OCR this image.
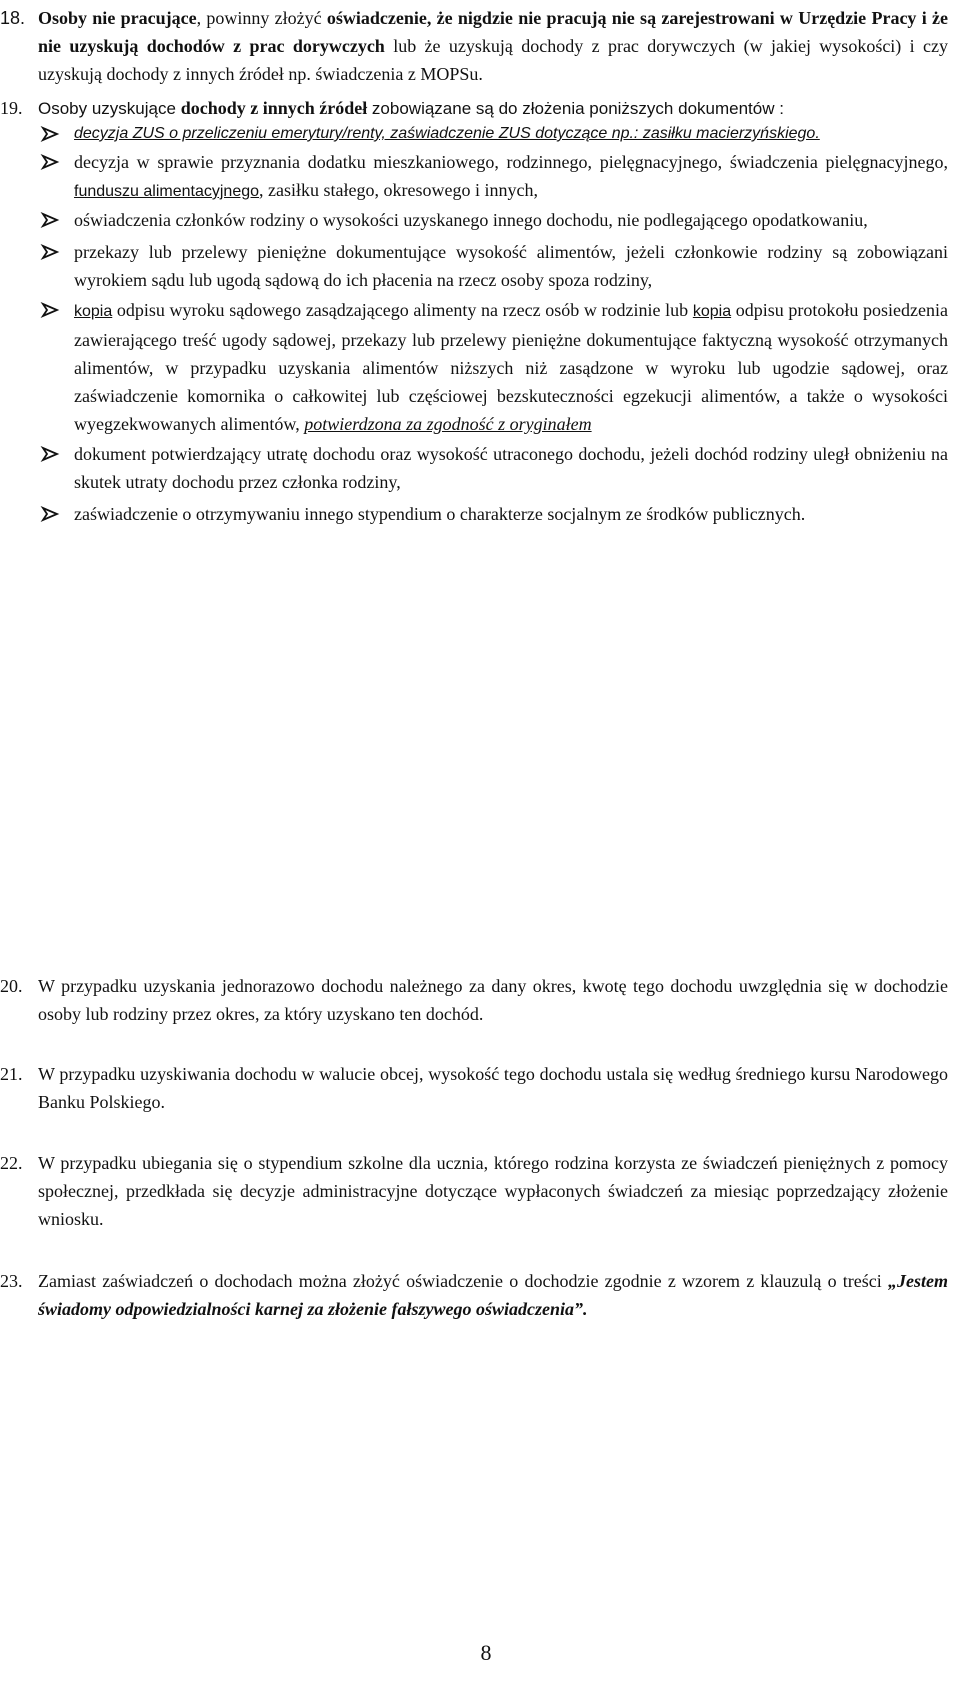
18. Osoby nie pracujące, powinny złożyć oświadczenie, że nigdzie nie pracują nie są zarejestrowani w Urzędzie Pracy i że nie uzyskują dochodów z prac dorywczych lub że uzyskują dochody z prac dorywczych (w jakiej wysokości) i czy uzyskują dochody z innych źródeł np. świadczenia z MOPSu.
19. Osoby uzyskujące dochody z innych źródeł zobowiązane są do złożenia poniższych dokumentów :
decyzja ZUS o przeliczeniu emerytury/renty, zaświadczenie ZUS dotyczące np.: zasiłku macierzyńskiego.
decyzja w sprawie przyznania dodatku mieszkaniowego, rodzinnego, pielęgnacyjnego, świadczenia pielęgnacyjnego, funduszu alimentacyjnego, zasiłku stałego, okresowego i innych,
oświadczenia członków rodziny o wysokości uzyskanego innego dochodu, nie podlegającego opodatkowaniu,
przekazy lub przelewy pieniężne dokumentujące wysokość alimentów, jeżeli członkowie rodziny są zobowiązani wyrokiem sądu lub ugodą sądową do ich płacenia na rzecz osoby spoza rodziny,
kopia odpisu wyroku sądowego zasądzającego alimenty na rzecz osób w rodzinie lub kopia odpisu protokołu posiedzenia zawierającego treść ugody sądowej, przekazy lub przelewy pieniężne dokumentujące faktyczną wysokość otrzymanych alimentów, w przypadku uzyskania alimentów niższych niż zasądzone w wyroku lub ugodzie sądowej, oraz zaświadczenie komornika o całkowitej lub częściowej bezskuteczności egzekucji alimentów, a także o wysokości wyegzekwowanych alimentów, potwierdzona za zgodność z oryginałem
dokument potwierdzający utratę dochodu oraz wysokość utraconego dochodu, jeżeli dochód rodziny uległ obniżeniu na skutek utraty dochodu przez członka rodziny,
zaświadczenie o otrzymywaniu innego stypendium o charakterze socjalnym ze środków publicznych.
20. W przypadku uzyskania jednorazowo dochodu należnego za dany okres, kwotę tego dochodu uwzględnia się w dochodzie osoby lub rodziny przez okres, za który uzyskano ten dochód.
21. W przypadku uzyskiwania dochodu w walucie obcej, wysokość tego dochodu ustala się według średniego kursu Narodowego Banku Polskiego.
22. W przypadku ubiegania się o stypendium szkolne dla ucznia, którego rodzina korzysta ze świadczeń pieniężnych z pomocy społecznej, przedkłada się decyzje administracyjne dotyczące wypłaconych świadczeń za miesiąc poprzedzający złożenie wniosku.
23. Zamiast zaświadczeń o dochodach można złożyć oświadczenie o dochodzie zgodnie z wzorem z klauzulą o treści „Jestem świadomy odpowiedzialności karnej za złożenie fałszywego oświadczenia”.
8
